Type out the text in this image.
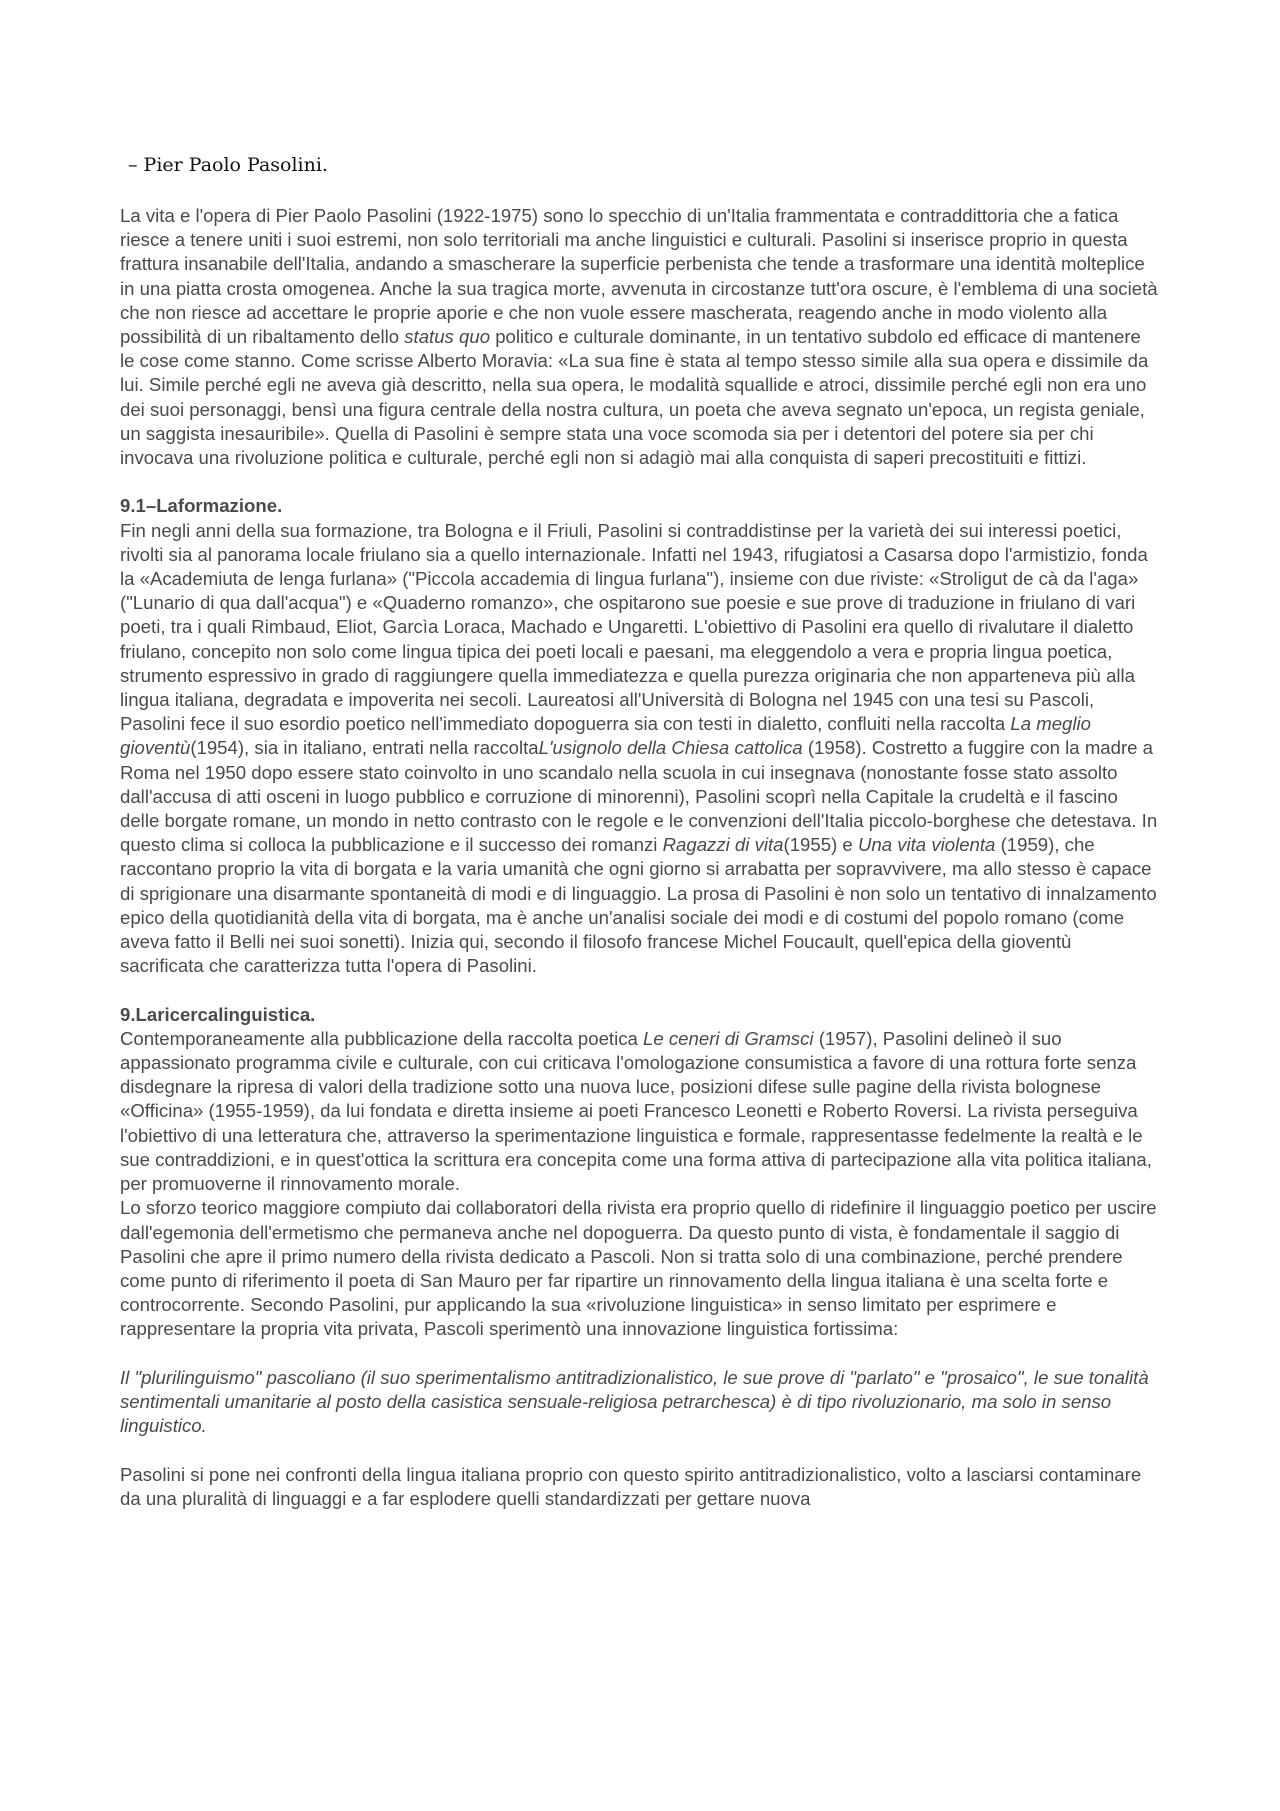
– Pier Paolo Pasolini.

La vita e l'opera di Pier Paolo Pasolini (1922-1975) sono lo specchio di un'Italia frammentata e contraddittoria che a fatica riesce a tenere uniti i suoi estremi, non solo territoriali ma anche linguistici e culturali. Pasolini si inserisce proprio in questa frattura insanabile dell'Italia, andando a smascherare la superficie perbenista che tende a trasformare una identità molteplice in una piatta crosta omogenea. Anche la sua tragica morte, avvenuta in circostanze tutt'ora oscure, è l'emblema di una società che non riesce ad accettare le proprie aporie e che non vuole essere mascherata, reagendo anche in modo violento alla possibilità di un ribaltamento dello status quo politico e culturale dominante, in un tentativo subdolo ed efficace di mantenere le cose come stanno. Come scrisse Alberto Moravia: «La sua fine è stata al tempo stesso simile alla sua opera e dissimile da lui. Simile perché egli ne aveva già descritto, nella sua opera, le modalità squallide e atroci, dissimile perché egli non era uno dei suoi personaggi, bensì una figura centrale della nostra cultura, un poeta che aveva segnato un'epoca, un regista geniale, un saggista inesauribile». Quella di Pasolini è sempre stata una voce scomoda sia per i detentori del potere sia per chi invocava una rivoluzione politica e culturale, perché egli non si adagiò mai alla conquista di saperi precostituiti e fittizi.

9.1–Laformazione.

Fin negli anni della sua formazione, tra Bologna e il Friuli, Pasolini si contraddistinse per la varietà dei sui interessi poetici, rivolti sia al panorama locale friulano sia a quello internazionale. Infatti nel 1943, rifugiatosi a Casarsa dopo l'armistizio, fonda la «Academiuta de lenga furlana» ("Piccola accademia di lingua furlana"), insieme con due riviste: «Stroligut de cà da l'aga» ("Lunario di qua dall'acqua") e «Quaderno romanzo», che ospitarono sue poesie e sue prove di traduzione in friulano di vari poeti, tra i quali Rimbaud, Eliot, Garcìa Loraca, Machado e Ungaretti. L'obiettivo di Pasolini era quello di rivalutare il dialetto friulano, concepito non solo come lingua tipica dei poeti locali e paesani, ma eleggendolo a vera e propria lingua poetica, strumento espressivo in grado di raggiungere quella immediatezza e quella purezza originaria che non apparteneva più alla lingua italiana, degradata e impoverita nei secoli. Laureatosi all'Università di Bologna nel 1945 con una tesi su Pascoli, Pasolini fece il suo esordio poetico nell'immediato dopoguerra sia con testi in dialetto, confluiti nella raccolta La meglio gioventù(1954), sia in italiano, entrati nella raccoltaL'usignolo della Chiesa cattolica (1958). Costretto a fuggire con la madre a Roma nel 1950 dopo essere stato coinvolto in uno scandalo nella scuola in cui insegnava (nonostante fosse stato assolto dall'accusa di atti osceni in luogo pubblico e corruzione di minorenni), Pasolini scoprì nella Capitale la crudeltà e il fascino delle borgate romane, un mondo in netto contrasto con le regole e le convenzioni dell'Italia piccolo-borghese che detestava. In questo clima si colloca la pubblicazione e il successo dei romanzi Ragazzi di vita(1955) e Una vita violenta (1959), che raccontano proprio la vita di borgata e la varia umanità che ogni giorno si arrabatta per sopravvivere, ma allo stesso è capace di sprigionare una disarmante spontaneità di modi e di linguaggio. La prosa di Pasolini è non solo un tentativo di innalzamento epico della quotidianità della vita di borgata, ma è anche un'analisi sociale dei modi e di costumi del popolo romano (come aveva fatto il Belli nei suoi sonetti). Inizia qui, secondo il filosofo francese Michel Foucault, quell'epica della gioventù sacrificata che caratterizza tutta l'opera di Pasolini.

9.Laricercalinguistica.

Contemporaneamente alla pubblicazione della raccolta poetica Le ceneri di Gramsci (1957), Pasolini delineò il suo appassionato programma civile e culturale, con cui criticava l'omologazione consumistica a favore di una rottura forte senza disdegnare la ripresa di valori della tradizione sotto una nuova luce, posizioni difese sulle pagine della rivista bolognese «Officina» (1955-1959), da lui fondata e diretta insieme ai poeti Francesco Leonetti e Roberto Roversi. La rivista perseguiva l'obiettivo di una letteratura che, attraverso la sperimentazione linguistica e formale, rappresentasse fedelmente la realtà e le sue contraddizioni, e in quest'ottica la scrittura era concepita come una forma attiva di partecipazione alla vita politica italiana, per promuoverne il rinnovamento morale.

Lo sforzo teorico maggiore compiuto dai collaboratori della rivista era proprio quello di ridefinire il linguaggio poetico per uscire dall'egemonia dell'ermetismo che permaneva anche nel dopoguerra. Da questo punto di vista, è fondamentale il saggio di Pasolini che apre il primo numero della rivista dedicato a Pascoli. Non si tratta solo di una combinazione, perché prendere come punto di riferimento il poeta di San Mauro per far ripartire un rinnovamento della lingua italiana è una scelta forte e controcorrente. Secondo Pasolini, pur applicando la sua «rivoluzione linguistica» in senso limitato per esprimere e rappresentare la propria vita privata, Pascoli sperimentò una innovazione linguistica fortissima:

Il "plurilinguismo" pascoliano (il suo sperimentalismo antitradizionalistico, le sue prove di "parlato" e "prosaico", le sue tonalità sentimentali umanitarie al posto della casistica sensuale-religiosa petrarchesca) è di tipo rivoluzionario, ma solo in senso linguistico.

Pasolini si pone nei confronti della lingua italiana proprio con questo spirito antitradizionalistico, volto a lasciarsi contaminare da una pluralità di linguaggi e a far esplodere quelli standardizzati per gettare nuova
